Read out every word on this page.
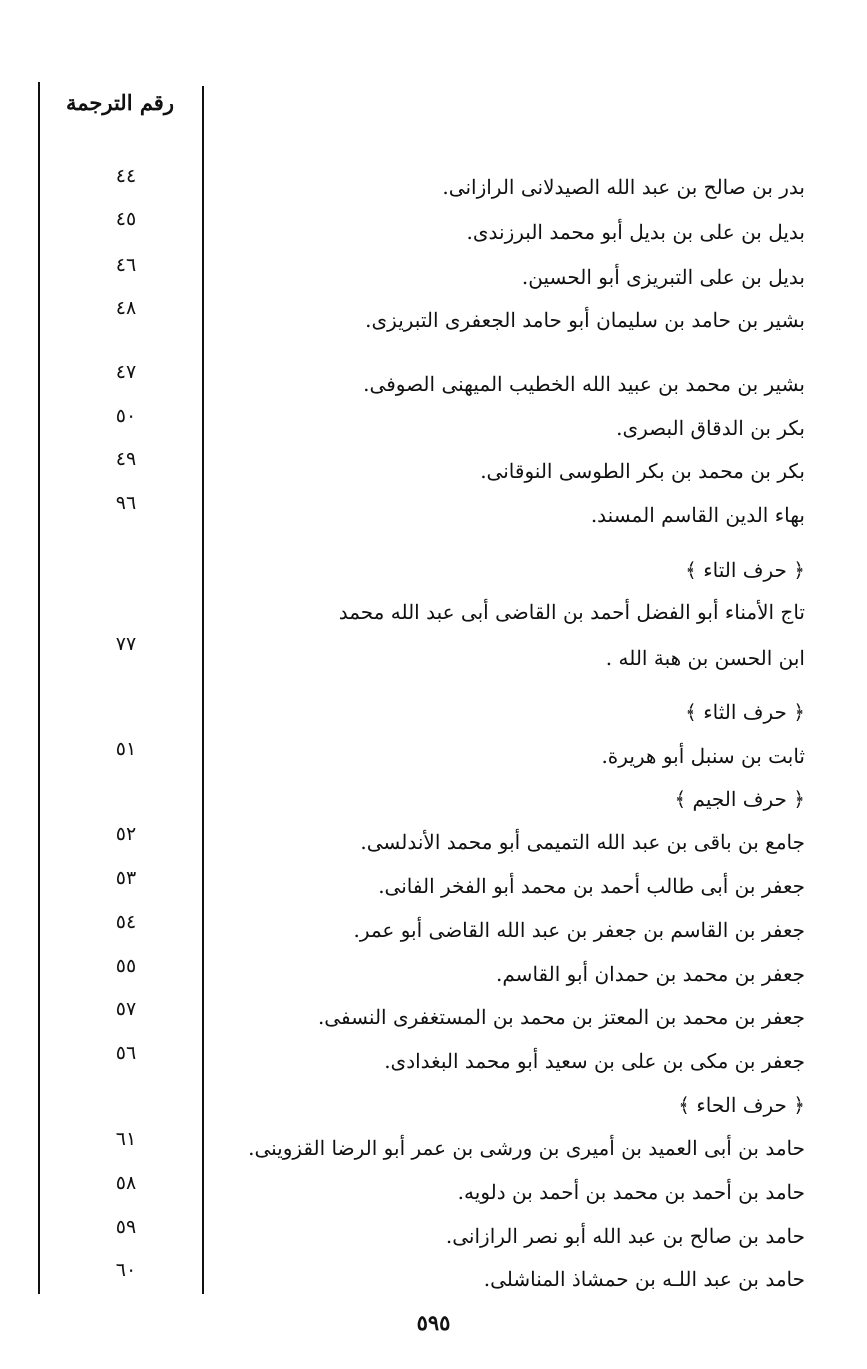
رقم الترجمة
بدر بن صالح بن عبد الله الصيدلانى الرازانى.
بديل بن على بن بديل أبو محمد البرزندى.
بديل بن على التبريزى أبو الحسين.
بشير بن حامد بن سليمان أبو حامد الجعفرى التبريزى.
بشير بن محمد بن عبيد الله الخطيب الميهنى الصوفى.
بكر بن الدقاق البصرى.
بكر بن محمد بن بكر الطوسى النوقانى.
بهاء الدين القاسم المسند.
﴿ حرف التاء ﴾
تاج الأمناء أبو الفضل أحمد بن القاضى أبى عبد الله محمد
ابن الحسن بن هبة الله .
﴿ حرف الثاء ﴾
ثابت بن سنبل أبو هريرة.
﴿ حرف الجيم ﴾
جامع بن باقى بن عبد الله التميمى أبو محمد الأندلسى.
جعفر بن أبى طالب أحمد بن محمد أبو الفخر الفانى.
جعفر بن القاسم بن جعفر بن عبد الله القاضى أبو عمر.
جعفر بن محمد بن حمدان أبو القاسم.
جعفر بن محمد بن المعتز بن محمد بن المستغفرى النسفى.
جعفر بن مكى بن على بن سعيد أبو محمد البغدادى.
﴿ حرف الحاء ﴾
حامد بن أبى العميد بن أميرى بن ورشى بن عمر أبو الرضا القزوينى.
حامد بن أحمد بن محمد بن أحمد بن دلويه.
حامد بن صالح بن عبد الله أبو نصر الرازانى.
حامد بن عبد اللـه بن حمشاذ المناشلى.
٤٤
٤٥
٤٦
٤٨
٤٧
٥٠
٤٩
٩٦
٧٧
٥١
٥٢
٥٣
٥٤
٥٥
٥٧
٥٦
٦١
٥٨
٥٩
٦٠
٥٩٥
